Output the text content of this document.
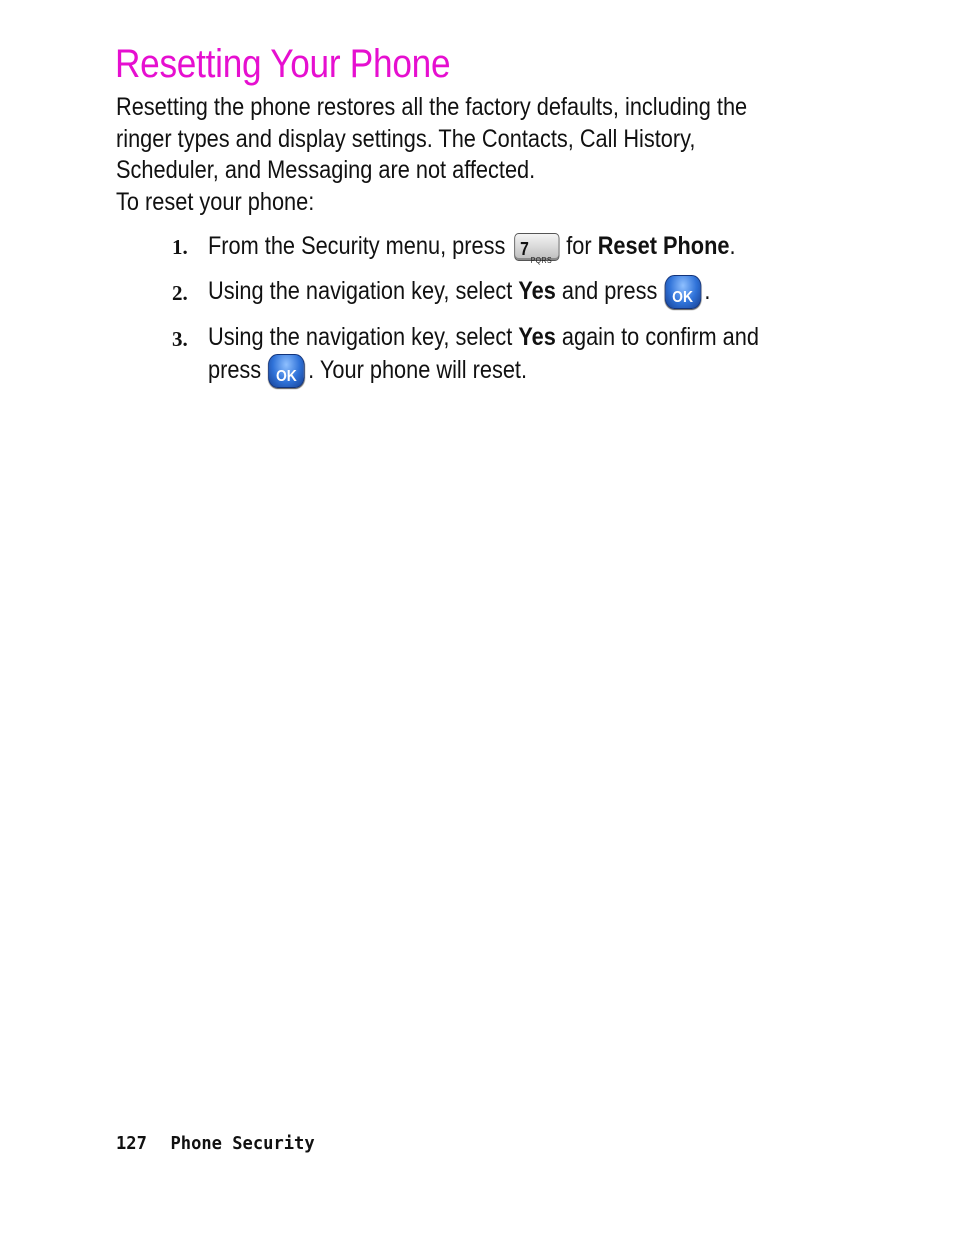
Resetting Your Phone

Resetting the phone restores all the factory defaults, including the

ringer types and display settings. The Contacts, Call History,

Scheduler, and Messaging are not affected.

To reset your phone:

1. From the Security menu, press 7
PQRS
for Reset Phone.
2. Using the navigation key, select Yes and press OK .
3. Using the navigation key, select Yes again to confirm and
press OK . Your phone will reset.
127 Phone Security
